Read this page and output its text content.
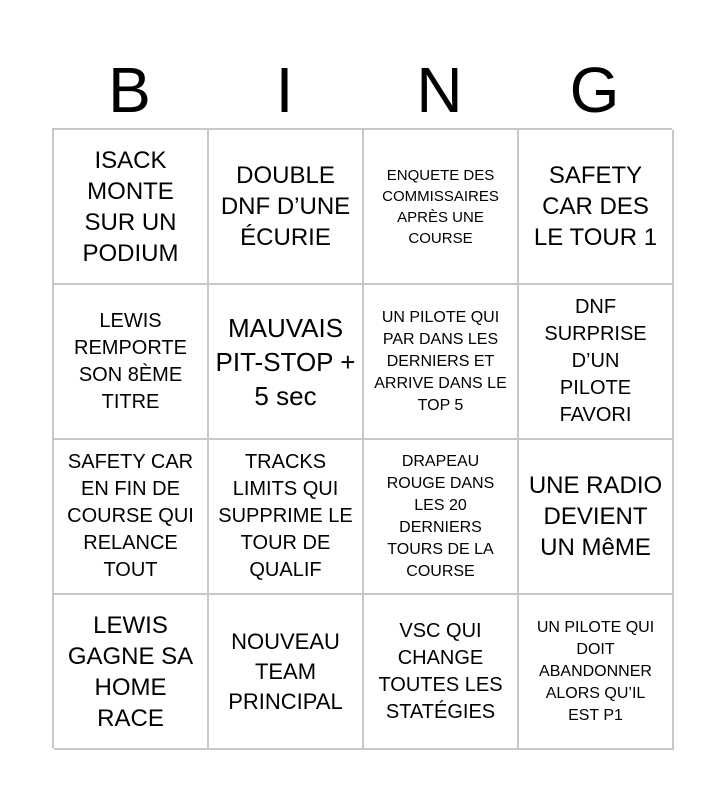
B	I	N	G
ISACK MONTE SUR UN PODIUM
DOUBLE DNF D’UNE ÉCURIE
ENQUETE DES COMMISSAIRES APRÈS UNE COURSE
SAFETY CAR DES LE TOUR 1
LEWIS REMPORTE SON 8ÈME TITRE
MAUVAIS PIT-STOP + 5 sec
UN PILOTE QUI PAR DANS LES DERNIERS ET ARRIVE DANS LE TOP 5
DNF SURPRISE D’UN PILOTE FAVORI
SAFETY CAR EN FIN DE COURSE QUI RELANCE TOUT
TRACKS LIMITS QUI SUPPRIME LE TOUR DE QUALIF
DRAPEAU ROUGE DANS LES 20 DERNIERS TOURS DE LA COURSE
UNE RADIO DEVIENT UN MêME
LEWIS GAGNE SA HOME RACE
NOUVEAU TEAM PRINCIPAL
VSC QUI CHANGE TOUTES LES STATÉGIES
UN PILOTE QUI DOIT ABANDONNER ALORS QU’IL EST P1
